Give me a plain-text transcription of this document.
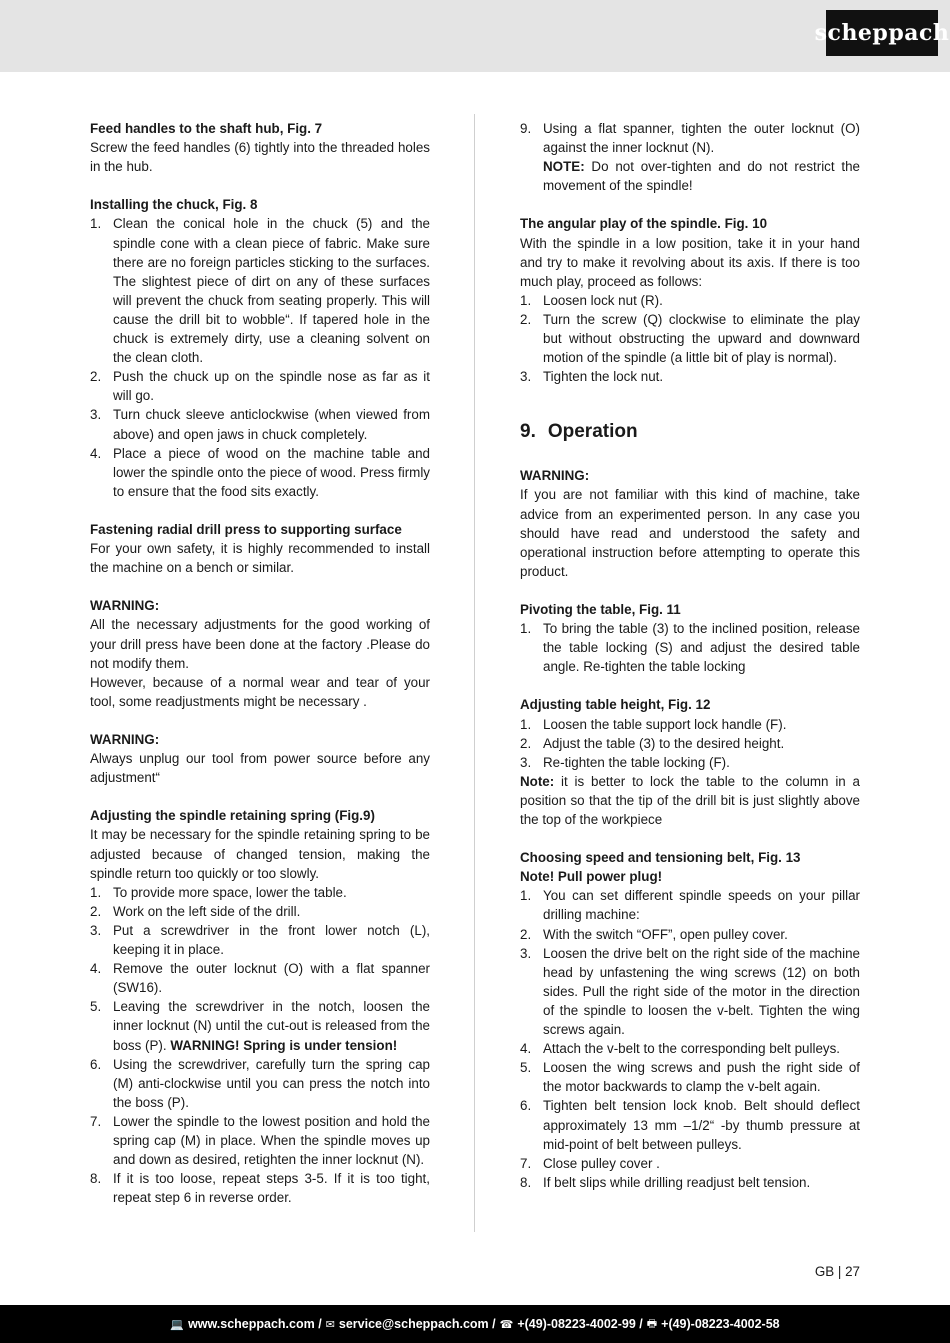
scheppach
Feed handles to the shaft hub, Fig. 7
Screw the feed handles (6) tightly into the threaded holes in the hub.
Installing the chuck, Fig. 8
1. Clean the conical hole in the chuck (5) and the spindle cone with a clean piece of fabric. Make sure there are no foreign particles sticking to the surfaces. The slightest piece of dirt on any of these surfaces will prevent the chuck from seating properly. This will cause the drill bit to wobble“. If tapered hole in the chuck is extremely dirty, use a cleaning solvent on the clean cloth.
2. Push the chuck up on the spindle nose as far as it will go.
3. Turn chuck sleeve anticlockwise (when viewed from above) and open jaws in chuck completely.
4. Place a piece of wood on the machine table and lower the spindle onto the piece of wood. Press firmly to ensure that the food sits exactly.
Fastening radial drill press to supporting surface
For your own safety, it is highly recommended to install the machine on a bench or similar.
WARNING:
All the necessary adjustments for the good working of your drill press have been done at the factory .Please do not modify them.
However, because of a normal wear and tear of your tool, some readjustments might be necessary .
WARNING:
Always unplug our tool from power source before any adjustment“
Adjusting the spindle retaining spring (Fig.9)
It may be necessary for the spindle retaining spring to be adjusted because of changed tension, making the spindle return too quickly or too slowly.
1. To provide more space, lower the table.
2. Work on the left side of the drill.
3. Put a screwdriver in the front lower notch (L), keeping it in place.
4. Remove the outer locknut (O) with a flat spanner (SW16).
5. Leaving the screwdriver in the notch, loosen the inner locknut (N) until the cut-out is released from the boss (P). WARNING! Spring is under tension!
6. Using the screwdriver, carefully turn the spring cap (M) anti-clockwise until you can press the notch into the boss (P).
7. Lower the spindle to the lowest position and hold the spring cap (M) in place. When the spindle moves up and down as desired, retighten the inner locknut (N).
8. If it is too loose, repeat steps 3-5. If it is too tight, repeat step 6 in reverse order.
9. Using a flat spanner, tighten the outer locknut (O) against the inner locknut (N).
NOTE: Do not over-tighten and do not restrict the movement of the spindle!
The angular play of the spindle. Fig. 10
With the spindle in a low position, take it in your hand and try to make it revolving about its axis. If there is too much play, proceed as follows:
1. Loosen lock nut (R).
2. Turn the screw (Q) clockwise to eliminate the play but without obstructing the upward and downward motion of the spindle (a little bit of play is normal).
3. Tighten the lock nut.
9. Operation
WARNING:
If you are not familiar with this kind of machine, take advice from an experimented person. In any case you should have read and understood the safety and operational instruction before attempting to operate this product.
Pivoting the table, Fig. 11
1. To bring the table (3) to the inclined position, release the table locking (S) and adjust the desired table angle. Re-tighten the table locking
Adjusting table height, Fig. 12
1. Loosen the table support lock handle (F).
2. Adjust the table (3) to the desired height.
3. Re-tighten the table locking (F).
Note: it is better to lock the table to the column in a position so that the tip of the drill bit is just slightly above the top of the workpiece
Choosing speed and tensioning belt, Fig. 13
Note! Pull power plug!
1. You can set different spindle speeds on your pillar drilling machine:
2. With the switch “OFF”, open pulley cover.
3. Loosen the drive belt on the right side of the machine head by unfastening the wing screws (12) on both sides. Pull the right side of the motor in the direction of the spindle to loosen the v-belt. Tighten the wing screws again.
4. Attach the v-belt to the corresponding belt pulleys.
5. Loosen the wing screws and push the right side of the motor backwards to clamp the v-belt again.
6. Tighten belt tension lock knob. Belt should deflect approximately 13 mm –1/2“ -by thumb pressure at mid-point of belt between pulleys.
7. Close pulley cover .
8. If belt slips while drilling readjust belt tension.
GB | 27
💻 www.scheppach.com / ✉ service@scheppach.com / ☎ +(49)-08223-4002-99 / 🖶 +(49)-08223-4002-58
